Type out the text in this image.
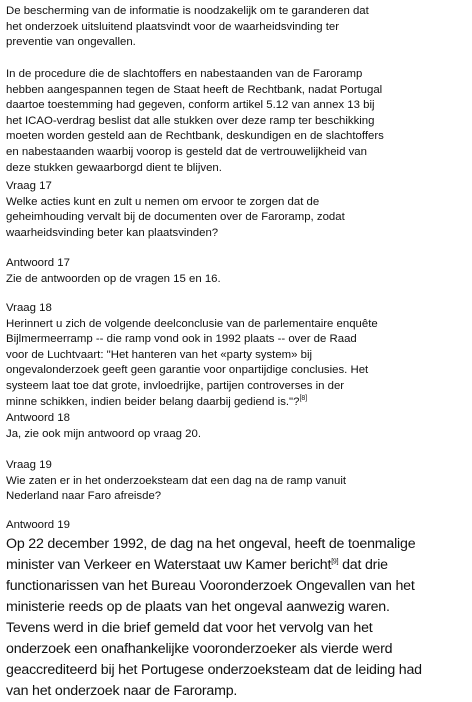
De bescherming van de informatie is noodzakelijk om te garanderen dat
het onderzoek uitsluitend plaatsvindt voor de waarheidsvinding ter
preventie van ongevallen.

In de procedure die de slachtoffers en nabestaanden van de Faroramp
hebben aangespannen tegen de Staat heeft de Rechtbank, nadat Portugal
daartoe toestemming had gegeven, conform artikel 5.12 van annex 13 bij
het ICAO-verdrag beslist dat alle stukken over deze ramp ter beschikking
moeten worden gesteld aan de Rechtbank, deskundigen en de slachtoffers
en nabestaanden waarbij voorop is gesteld dat de vertrouwelijkheid van
deze stukken gewaarborgd dient te blijven.

Vraag 17

Welke acties kunt en zult u nemen om ervoor te zorgen dat de
geheimhouding vervalt bij de documenten over de Faroramp, zodat
waarheidsvinding beter kan plaatsvinden?

Antwoord 17

Zie de antwoorden op de vragen 15 en 16.

Vraag 18

Herinnert u zich de volgende deelconclusie van de parlementaire enquête
Bijlmermeerramp -- die ramp vond ook in 1992 plaats -- over de Raad
voor de Luchtvaart: "Het hanteren van het «party system» bij
ongevalonderzoek geeft geen garantie voor onpartijdige conclusies. Het
systeem laat toe dat grote, invloedrijke, partijen controverses in der
minne schikken, indien beider belang daarbij gediend is."?[8]

Antwoord 18

Ja, zie ook mijn antwoord op vraag 20.

Vraag 19

Wie zaten er in het onderzoeksteam dat een dag na de ramp vanuit
Nederland naar Faro afreisde?

Antwoord 19

Op 22 december 1992, de dag na het ongeval, heeft de toenmalige
minister van Verkeer en Waterstaat uw Kamer bericht[9] dat drie
functionarissen van het Bureau Vooronderzoek Ongevallen van het
ministerie reeds op de plaats van het ongeval aanwezig waren.
Tevens werd in die brief gemeld dat voor het vervolg van het
onderzoek een onafhankelijke vooronderzoeker als vierde werd
geaccrediteerd bij het Portugese onderzoeksteam dat de leiding had
van het onderzoek naar de Faroramp.
